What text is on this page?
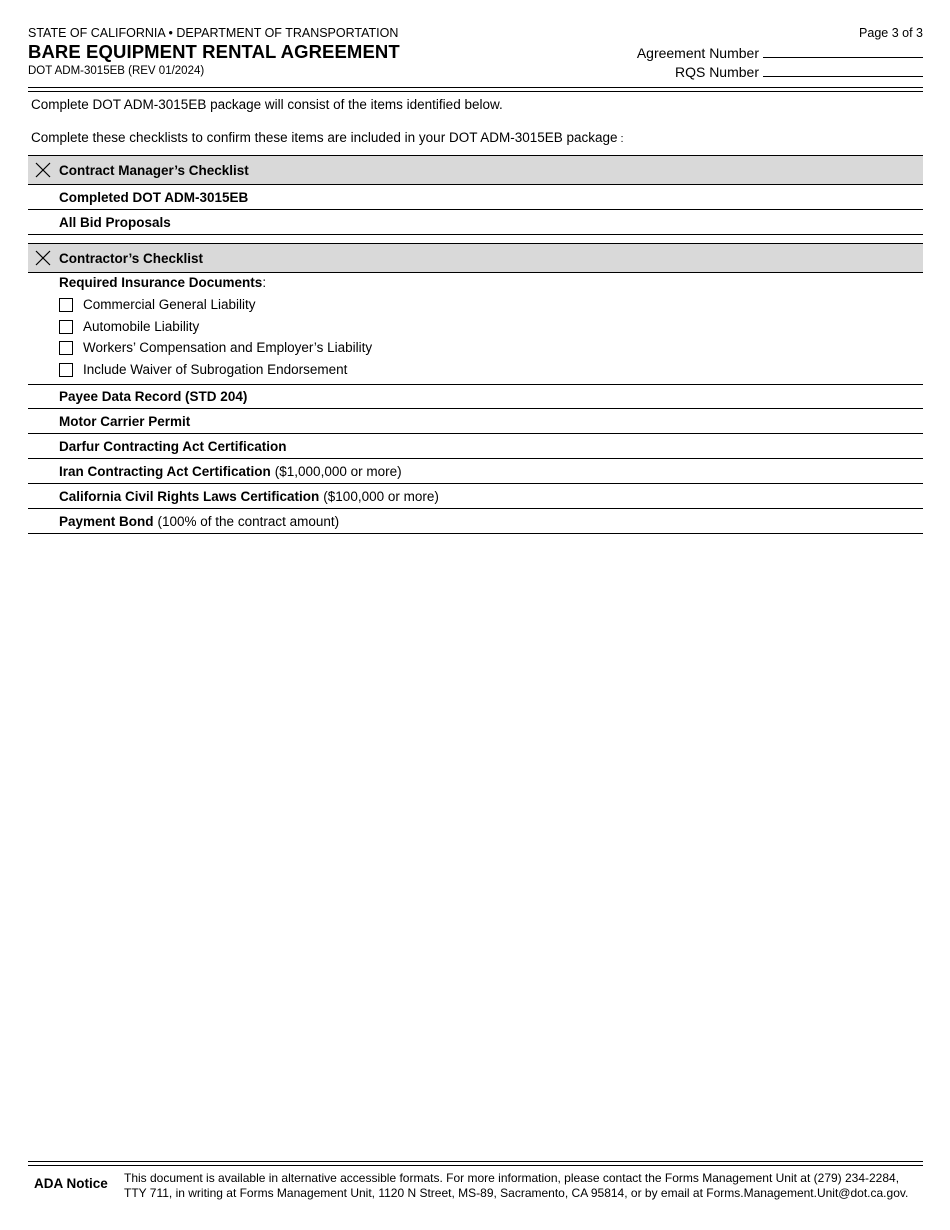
STATE OF CALIFORNIA • DEPARTMENT OF TRANSPORTATION
BARE EQUIPMENT RENTAL AGREEMENT
DOT ADM-3015EB (REV 01/2024)
Page 3 of 3
Agreement Number
RQS Number
Complete DOT ADM-3015EB package will consist of the items identified below.
Complete these checklists to confirm these items are included in your DOT ADM-3015EB package :
Contract Manager’s Checklist
Completed DOT ADM-3015EB
All Bid Proposals
Contractor’s Checklist
Required Insurance Documents:
Commercial General Liability
Automobile Liability
Workers’ Compensation and Employer’s Liability
Include Waiver of Subrogation Endorsement
Payee Data Record (STD 204)
Motor Carrier Permit
Darfur Contracting Act Certification
Iran Contracting Act Certification ($1,000,000 or more)
California Civil Rights Laws Certification ($100,000 or more)
Payment Bond (100% of the contract amount)
ADA Notice This document is available in alternative accessible formats. For more information, please contact the Forms Management Unit at (279) 234-2284,
TTY 711, in writing at Forms Management Unit, 1120 N Street, MS-89, Sacramento, CA 95814, or by email at Forms.Management.Unit@dot.ca.gov.
